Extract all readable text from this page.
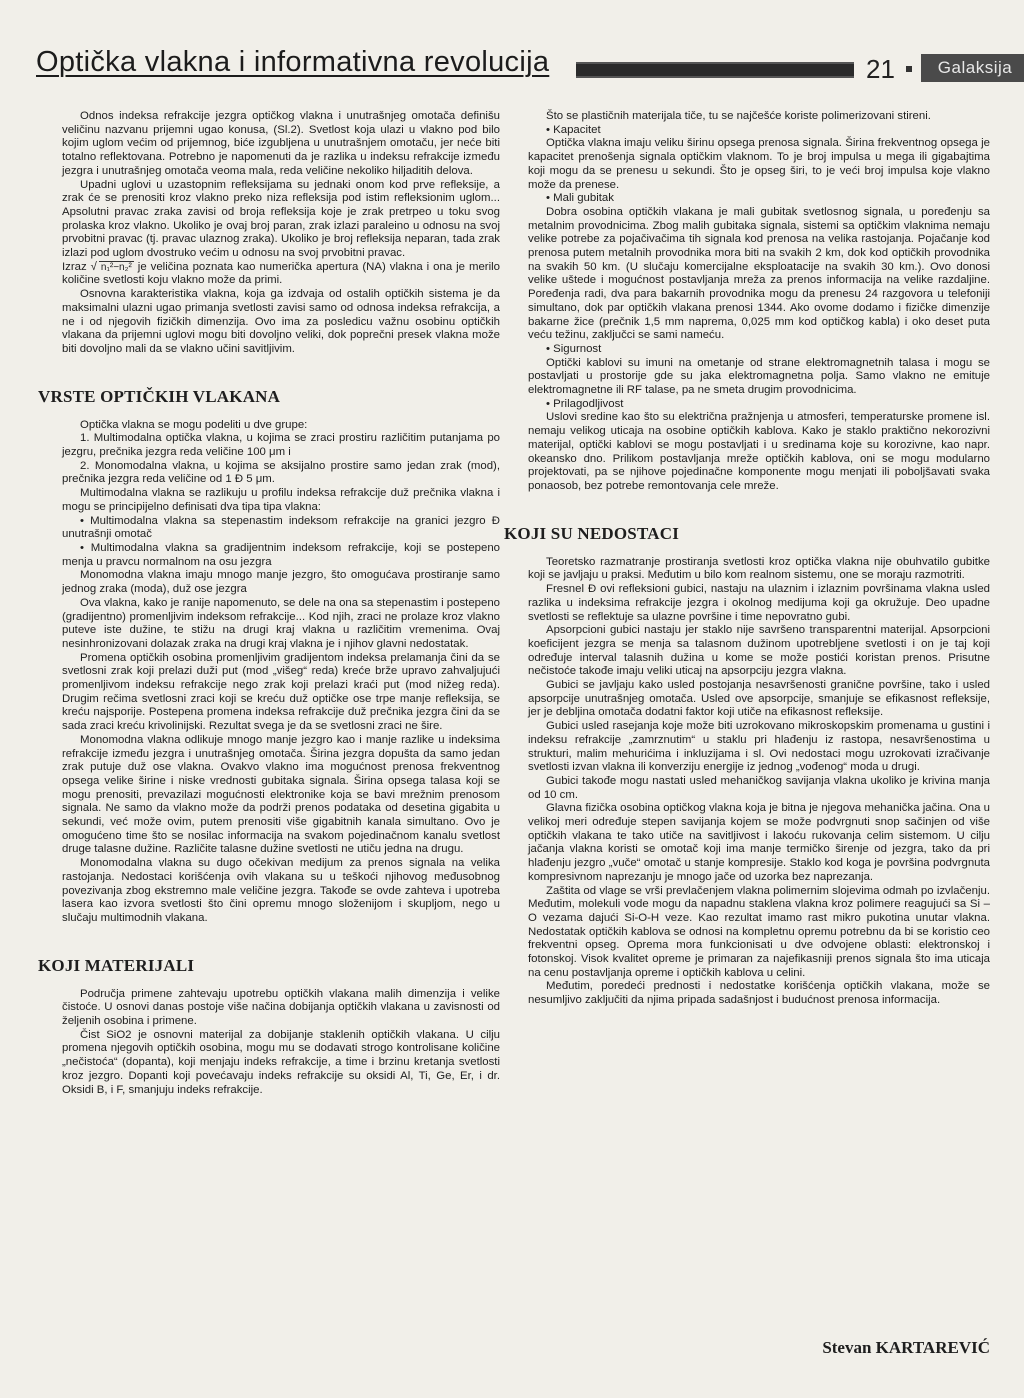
Optička vlakna i informativna revolucija	21	Galaksija

Odnos indeksa refrakcije jezgra optičkog vlakna i unutrašnjeg omotača definišu veličinu nazvanu prijemni ugao konusa, (Sl.2). Svetlost koja ulazi u vlakno pod bilo kojim uglom većim od prijemnog, biće izgubljena u unutrašnjem omotaču, jer neće biti totalno reflektovana. Potrebno je napomenuti da je razlika u indeksu refrakcije između jezgra i unutrašnjeg omotača veoma mala, reda veličine nekoliko hiljaditih delova.

Upadni uglovi u uzastopnim refleksijama su jednaki onom kod prve refleksije, a zrak će se prenositi kroz vlakno preko niza refleksija pod istim refleksionim uglom... Apsolutni pravac zraka zavisi od broja refleksija koje je zrak pretrpeo u toku svog prolaska kroz vlakno. Ukoliko je ovaj broj paran, zrak izlazi paraleino u odnosu na svoj prvobitni pravac (tj. pravac ulaznog zraka). Ukoliko je broj refleksija neparan, tada zrak izlazi pod uglom dvostruko većim u odnosu na svoj prvobitni pravac.

Izraz √ n₁²−n₂² je veličina poznata kao numerička apertura (NA) vlakna i ona je merilo količine svetlosti koju vlakno može da primi.

Osnovna karakteristika vlakna, koja ga izdvaja od ostalih optičkih sistema je da maksimalni ulazni ugao primanja svetlosti zavisi samo od odnosa indeksa refrakcija, a ne i od njegovih fizičkih dimenzija. Ovo ima za posledicu važnu osobinu optičkih vlakana da prijemni uglovi mogu biti dovoljno veliki, dok poprečni presek vlakna može biti dovoljno mali da se vlakno učini savitljivim.

VRSTE OPTIČKIH VLAKANA

Optička vlakna se mogu podeliti u dve grupe:

1. Multimodalna optička vlakna, u kojima se zraci prostiru različitim putanjama po jezgru, prečnika jezgra reda veličine 100 μm i

2. Monomodalna vlakna, u kojima se aksijalno prostire samo jedan zrak (mod), prečnika jezgra reda veličine od 1 Đ 5 μm.

Multimodalna vlakna se razlikuju u profilu indeksa refrakcije duž prečnika vlakna i mogu se principijelno definisati dva tipa tipa vlakna:

• Multimodalna vlakna sa stepenastim indeksom refrakcije na granici jezgro Đ unutrašnji omotač

• Multimodalna vlakna sa gradijentnim indeksom refrakcije, koji se postepeno menja u pravcu normalnom na osu jezgra

Monomodna vlakna imaju mnogo manje jezgro, što omogućava prostiranje samo jednog zraka (moda), duž ose jezgra

Ova vlakna, kako je ranije napomenuto, se dele na ona sa stepenastim i postepeno (gradijentno) promenljivim indeksom refrakcije... Kod njih, zraci ne prolaze kroz vlakno puteve iste dužine, te stižu na drugi kraj vlakna u različitim vremenima. Ovaj nesinhronizovani dolazak zraka na drugi kraj vlakna je i njihov glavni nedostatak.

Promena optičkih osobina promenljivim gradijentom indeksa prelamanja čini da se svetlosni zrak koji prelazi duži put (mod „višeg“ reda) kreće brže upravo zahvaljujući promenljivom indeksu refrakcije nego zrak koji prelazi kraći put (mod nižeg reda). Drugim rečima svetlosni zraci koji se kreću duž optičke ose trpe manje refleksija, se kreću najsporije. Postepena promena indeksa refrakcije duž prečnika jezgra čini da se sada zraci kreću krivolinijski. Rezultat svega je da se svetlosni zraci ne šire.

Monomodna vlakna odlikuje mnogo manje jezgro kao i manje razlike u indeksima refrakcije između jezgra i unutrašnjeg omotača. Širina jezgra dopušta da samo jedan zrak putuje duž ose vlakna. Ovakvo vlakno ima mogućnost prenosa frekventnog opsega velike širine i niske vrednosti gubitaka signala. Širina opsega talasa koji se mogu prenositi, prevazilazi mogućnosti elektronike koja se bavi mrežnim prenosom signala. Ne samo da vlakno može da podrži prenos podataka od desetina gigabita u sekundi, već može ovim, putem prenositi više gigabitnih kanala simultano. Ovo je omogućeno time što se nosilac informacija na svakom pojedinačnom kanalu svetlost druge talasne dužine. Različite talasne dužine svetlosti ne utiču jedna na drugu.

Monomodalna vlakna su dugo očekivan medijum za prenos signala na velika rastojanja. Nedostaci korišćenja ovih vlakana su u teškoći njihovog međusobnog povezivanja zbog ekstremno male veličine jezgra. Takođe se ovde zahteva i upotreba lasera kao izvora svetlosti što čini opremu mnogo složenijom i skupljom, nego u slučaju multimodnih vlakana.

KOJI MATERIJALI

Područja primene zahtevaju upotrebu optičkih vlakana malih dimenzija i velike čistoće. U osnovi danas postoje više načina dobijanja optičkih vlakana u zavisnosti od željenih osobina i primene.

Čist SiO2 je osnovni materijal za dobijanje staklenih optičkih vlakana. U cilju promena njegovih optičkih osobina, mogu mu se dodavati strogo kontrolisane količine „nečistoća“ (dopanta), koji menjaju indeks refrakcije, a time i brzinu kretanja svetlosti kroz jezgro. Dopanti koji povećavaju indeks refrakcije su oksidi Al, Ti, Ge, Er, i dr. Oksidi B, i F, smanjuju indeks refrakcije.

Što se plastičnih materijala tiče, tu se najčešće koriste polimerizovani stireni.

• Kapacitet

Optička vlakna imaju veliku širinu opsega prenosa signala. Širina frekventnog opsega je kapacitet prenošenja signala optičkim vlaknom. To je broj impulsa u mega ili gigabajtima koji mogu da se prenesu u sekundi. Što je opseg širi, to je veći broj impulsa koje vlakno može da prenese.

• Mali gubitak

Dobra osobina optičkih vlakana je mali gubitak svetlosnog signala, u poređenju sa metalnim provodnicima. Zbog malih gubitaka signala, sistemi sa optičkim vlaknima nemaju velike potrebe za pojačivačima tih signala kod prenosa na velika rastojanja. Pojačanje kod prenosa putem metalnih provodnika mora biti na svakih 2 km, dok kod optičkih provodnika na svakih 50 km. (U slučaju komercijalne eksploatacije na svakih 30 km.). Ovo donosi velike uštede i mogućnost postavljanja mreža za prenos informacija na velike razdaljine. Poređenja radi, dva para bakarnih provodnika mogu da prenesu 24 razgovora u telefoniji simultano, dok par optičkih vlakana prenosi 1344. Ako ovome dodamo i fizičke dimenzije bakarne žice (prečnik 1,5 mm naprema, 0,025 mm kod optičkog kabla) i oko deset puta veću težinu, zaključci se sami nameću.

• Sigurnost

Optički kablovi su imuni na ometanje od strane elektromagnetnih talasa i mogu se postavljati u prostorije gde su jaka elektromagnetna polja. Samo vlakno ne emituje elektromagnetne ili RF talase, pa ne smeta drugim provodnicima.

• Prilagodljivost

Uslovi sredine kao što su električna pražnjenja u atmosferi, temperaturske promene isl. nemaju velikog uticaja na osobine optičkih kablova. Kako je staklo praktično nekorozivni materijal, optički kablovi se mogu postavljati i u sredinama koje su korozivne, kao napr. okeansko dno. Prilikom postavljanja mreže optičkih kablova, oni se mogu modularno projektovati, pa se njihove pojedinačne komponente mogu menjati ili poboljšavati svaka ponaosob, bez potrebe remontovanja cele mreže.

KOJI SU NEDOSTACI

Teoretsko razmatranje prostiranja svetlosti kroz optička vlakna nije obuhvatilo gubitke koji se javljaju u praksi. Međutim u bilo kom realnom sistemu, one se moraju razmotriti.

Fresnel Đ ovi refleksioni gubici, nastaju na ulaznim i izlaznim površinama vlakna usled razlika u indeksima refrakcije jezgra i okolnog medijuma koji ga okružuje. Deo upadne svetlosti se reflektuje sa ulazne površine i time nepovratno gubi.

Apsorpcioni gubici nastaju jer staklo nije savršeno transparentni materijal. Apsorpcioni koeficijent jezgra se menja sa talasnom dužinom upotrebljene svetlosti i on je taj koji određuje interval talasnih dužina u kome se može postići koristan prenos. Prisutne nečistoće takođe imaju veliki uticaj na apsorpciju jezgra vlakna.

Gubici se javljaju kako usled postojanja nesavršenosti granične površine, tako i usled apsorpcije unutrašnjeg omotača. Usled ove apsorpcije, smanjuje se efikasnost refleksije, jer je debljina omotača dodatni faktor koji utiče na efikasnost refleksije.

Gubici usled rasejanja koje može biti uzrokovano mikroskopskim promenama u gustini i indeksu refrakcije „zamrznutim“ u staklu pri hlađenju iz rastopa, nesavršenostima u strukturi, malim mehurićima i inkluzijama i sl. Ovi nedostaci mogu uzrokovati izračivanje svetlosti izvan vlakna ili konverziju energije iz jednog „vođenog“ moda u drugi.

Gubici takođe mogu nastati usled mehaničkog savijanja vlakna ukoliko je krivina manja od 10 cm.

Glavna fizička osobina optičkog vlakna koja je bitna je njegova mehanička jačina. Ona u velikoj meri određuje stepen savijanja kojem se može podvrgnuti snop sačinjen od više optičkih vlakana te tako utiče na savitljivost i lakoću rukovanja celim sistemom. U cilju jačanja vlakna koristi se omotač koji ima manje termičko širenje od jezgra, tako da pri hlađenju jezgro „vuče“ omotač u stanje kompresije. Staklo kod koga je površina podvrgnuta kompresivnom naprezanju je mnogo jače od uzorka bez naprezanja.

Zaštita od vlage se vrši prevlačenjem vlakna polimernim slojevima odmah po izvlačenju. Međutim, molekuli vode mogu da napadnu staklena vlakna kroz polimere reagujući sa Si – O vezama dajući Si-O-H veze. Kao rezultat imamo rast mikro pukotina unutar vlakna. Nedostatak optičkih kablova se odnosi na kompletnu opremu potrebnu da bi se koristio ceo frekventni opseg. Oprema mora funkcionisati u dve odvojene oblasti: elektronskoj i fotonskoj. Visok kvalitet opreme je primaran za najefikasniji prenos signala što ima uticaja na cenu postavljanja opreme i optičkih kablova u celini.

Međutim, poredeći prednosti i nedostatke korišćenja optičkih vlakana, može se nesumljivo zaključiti da njima pripada sadašnjost i budućnost prenosa informacija.

Stevan KARTAREVIĆ
